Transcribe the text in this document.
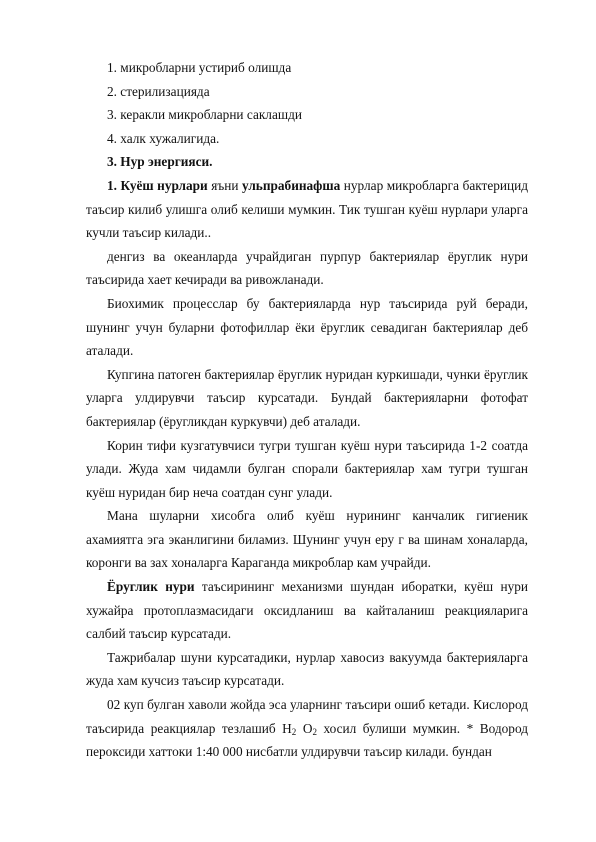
1. микробларни устириб олишда
2. стерилизацияда
3. керакли микробларни саклашди
4. халк хужалигида.
3. Нур энергияси.

1. Куёш нурлари яъни ульпрабинафша нурлар микробларга бактерицид таъсир килиб улишга олиб келиши мумкин. Тик тушган куёш нурлари уларга кучли таъсир килади..

денгиз ва океанларда учрайдиган пурпур бактериялар ёруглик нури таъсирида хает кечиради ва ривожланади.

Биохимик процесслар бу бактерияларда нур таъсирида руй беради, шунинг учун буларни фотофиллар ёки ёруглик севадиган бактериялар деб аталади.

Купгина патоген бактериялар ёруглик нуридан куркишади, чунки ёруглик уларга улдирувчи таъсир курсатади. Бундай бактерияларни фотофат бактериялар (ёругликдан куркувчи) деб аталади.

Корин тифи кузгатувчиси тугри тушган куёш нури таъсирида 1-2 соатда улади. Жуда хам чидамли булган спорали бактериялар хам тугри тушган куёш нуридан бир неча соатдан сунг улади.

Мана шуларни хисобга олиб куёш нурининг канчалик гигиеник ахамиятга эга эканлигини биламиз. Шунинг учун еру г ва шинам хоналарда, коронги ва зах хоналарга Караганда микроблар кам учрайди.

Ёруглик нури таъсирининг механизми шундан иборатки, куёш нури хужайра протоплазмасидаги оксидланиш ва кайталаниш реакцияларига салбий таъсир курсатади.

Тажрибалар шуни курсатадики, нурлар хавосиз вакуумда бактерияларга жуда хам кучсиз таъсир курсатади.

02 куп булган хаволи жойда эса уларнинг таъсири ошиб кетади. Кислород таъсирида реакциялар тезлашиб $H_2$ $O_2$ хосил булиши мумкин. * Водород пероксиди хаттоки 1:40 000 нисбатли улдирувчи таъсир килади. бундан
